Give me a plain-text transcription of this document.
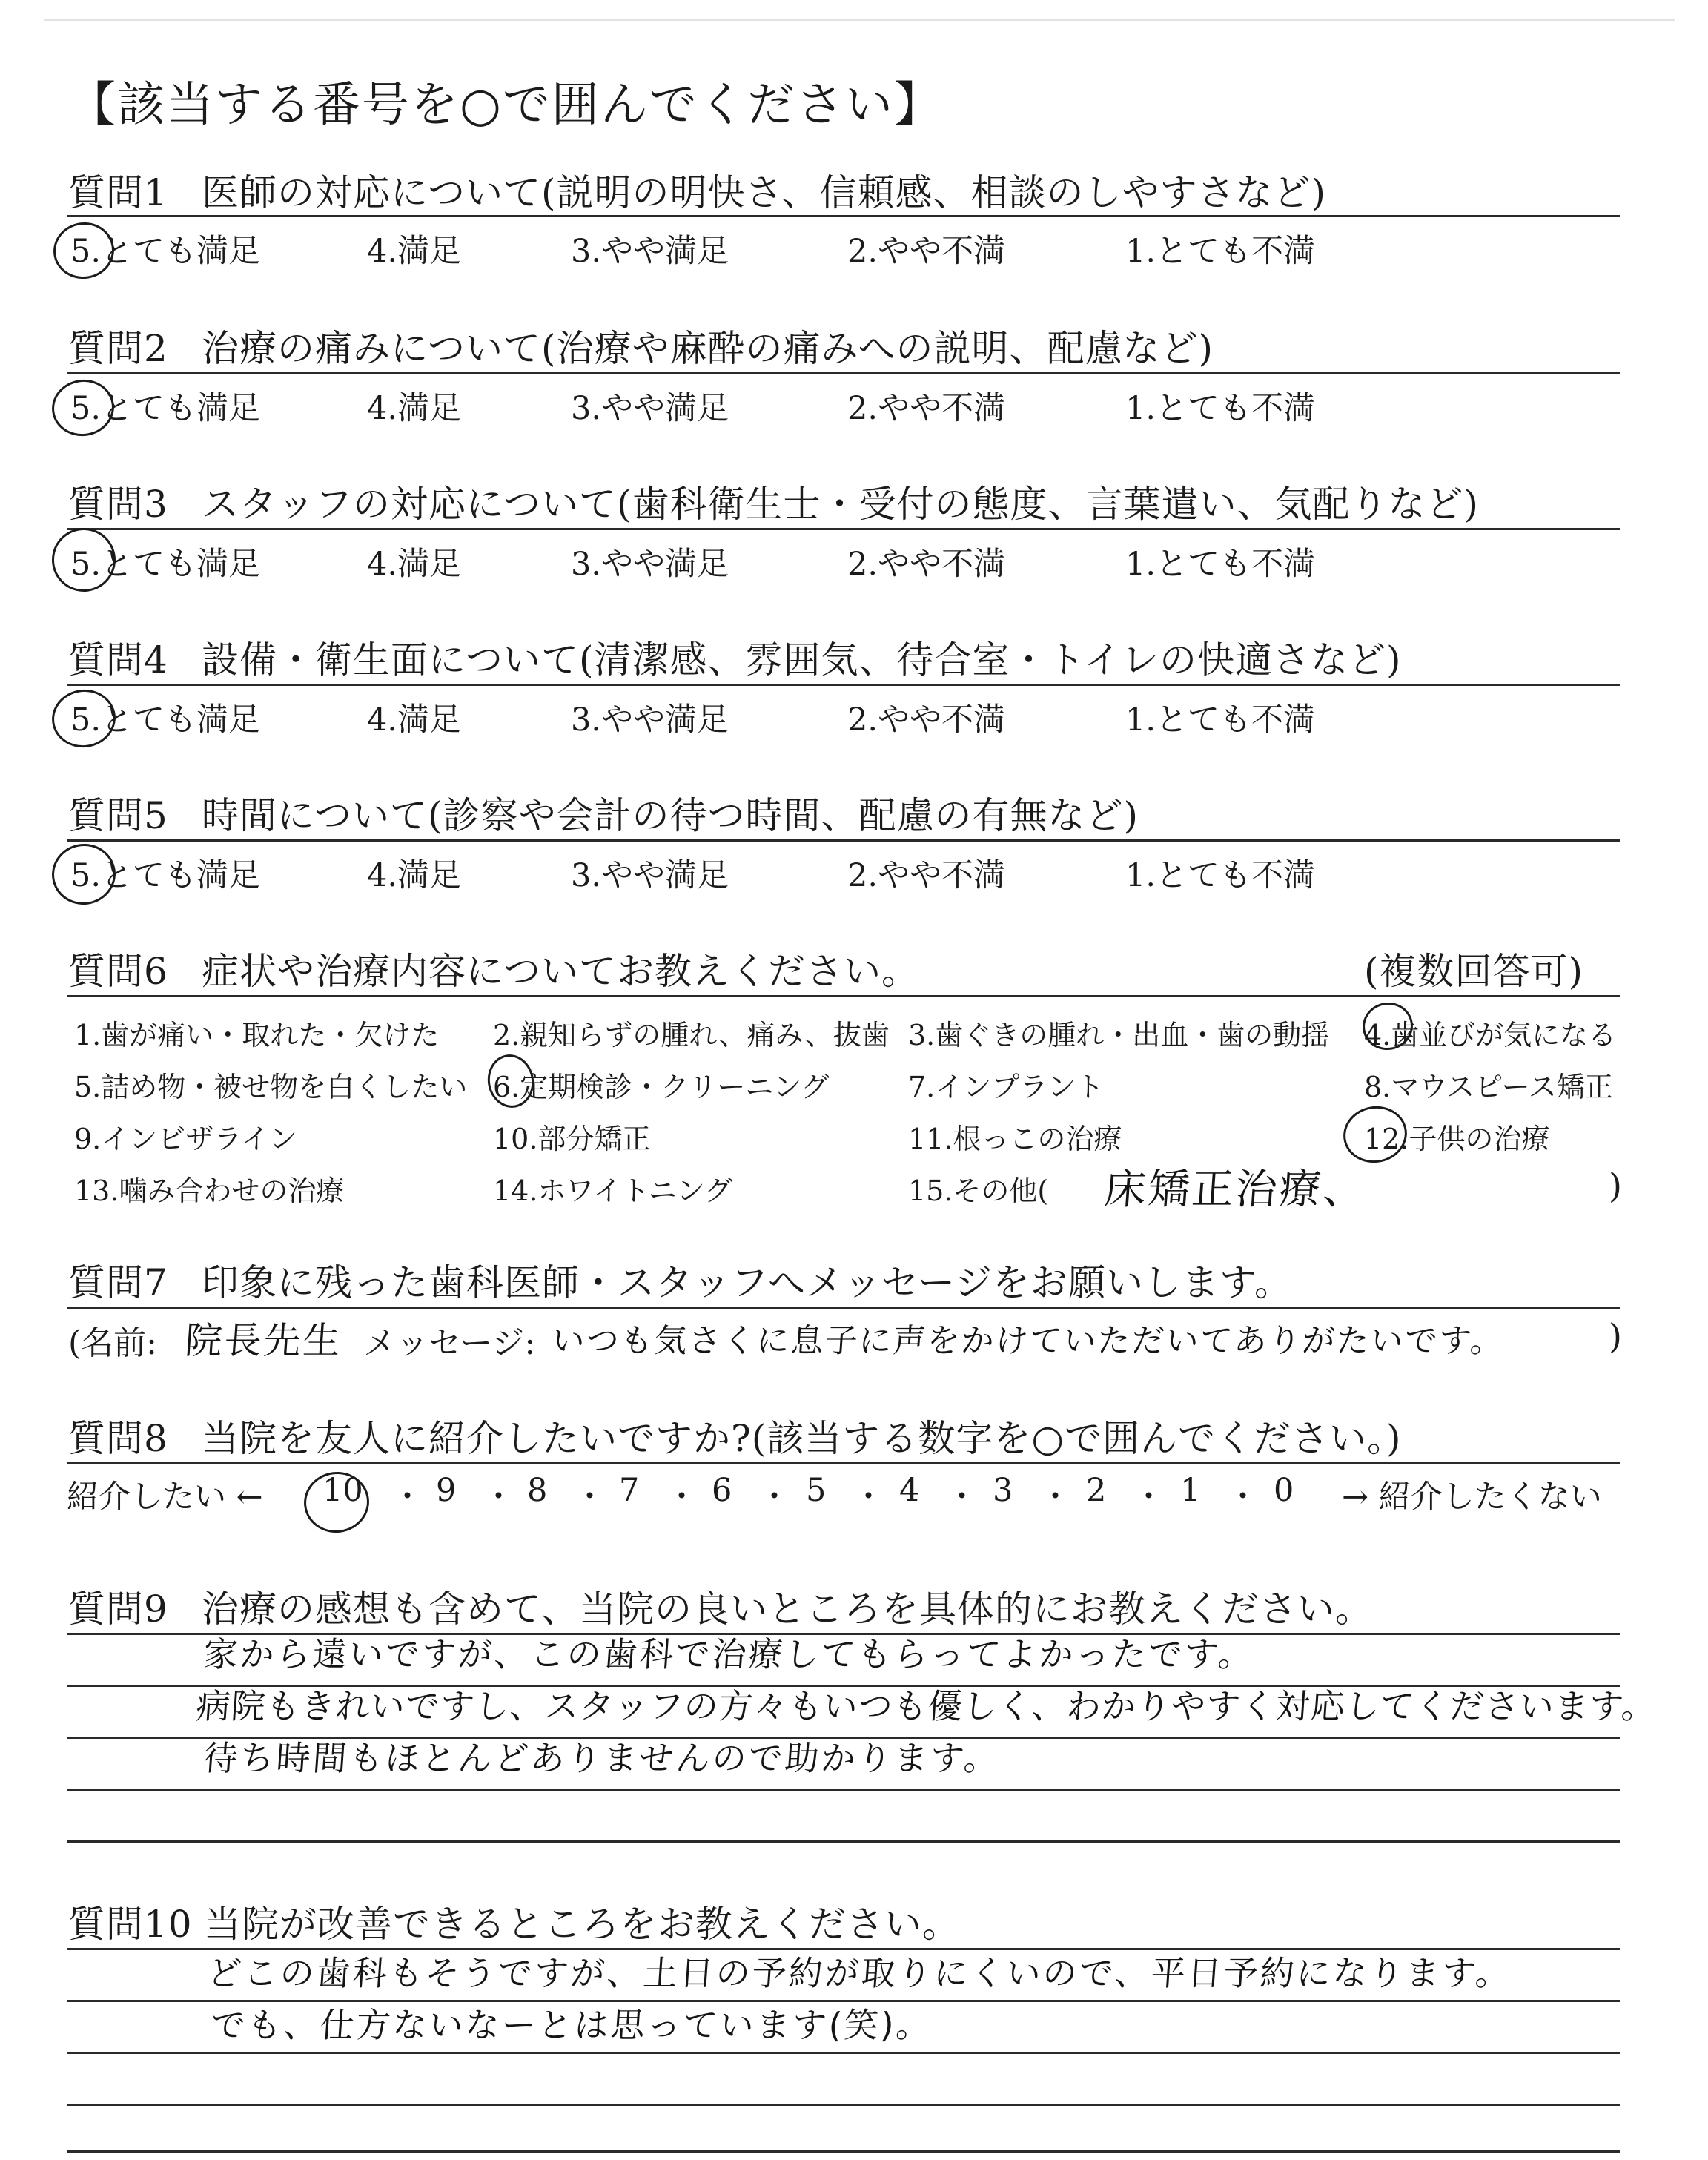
【該当する番号を○で囲んでください】
質問1 医師の対応について(説明の明快さ、信頼感、相談のしやすさなど)
5.とても満足	4.満足	3.やや満足	2.やや不満	1.とても不満
質問2 治療の痛みについて(治療や麻酔の痛みへの説明、配慮など)
5.とても満足	4.満足	3.やや満足	2.やや不満	1.とても不満
質問3 スタッフの対応について(歯科衛生士・受付の態度、言葉遣い、気配りなど)
5.とても満足	4.満足	3.やや満足	2.やや不満	1.とても不満
質問4 設備・衛生面について(清潔感、雰囲気、待合室・トイレの快適さなど)
5.とても満足	4.満足	3.やや満足	2.やや不満	1.とても不満
質問5 時間について(診察や会計の待つ時間、配慮の有無など)
5.とても満足	4.満足	3.やや満足	2.やや不満	1.とても不満
質問6 症状や治療内容についてお教えください。	(複数回答可)
1.歯が痛い・取れた・欠けた 2.親知らずの腫れ、痛み、抜歯 3.歯ぐきの腫れ・出血・歯の動揺 4.歯並びが気になる
5.詰め物・被せ物を白くしたい 6.定期検診・クリーニング	7.インプラント	8.マウスピース矯正
9.インビザライン	10.部分矯正	11.根っこの治療	12.子供の治療
13.噛み合わせの治療	14.ホワイトニング	15.その他( 床矯正治療、	)
質問7 印象に残った歯科医師・スタッフへメッセージをお願いします。
(名前: 院長先生 メッセージ: いつも気さくに息子に声をかけていただいてありがたいです。	)
質問8 当院を友人に紹介したいですか?(該当する数字を○で囲んでください。)
紹介したい ← 10 ・ 9 ・ 8 ・ 7 ・ 6 ・ 5 ・ 4 ・ 3 ・ 2 ・ 1 ・ 0 → 紹介したくない
質問9 治療の感想も含めて、当院の良いところを具体的にお教えください。
家から遠いですが、この歯科で治療してもらってよかったです。
病院もきれいですし、スタッフの方々もいつも優しく、わかりやすく対応してくださいます。
待ち時間もほとんどありませんので助かります。
質問10 当院が改善できるところをお教えください。
どこの歯科もそうですが、土日の予約が取りにくいので、平日予約になります。
でも、仕方ないなーとは思っています(笑)。
